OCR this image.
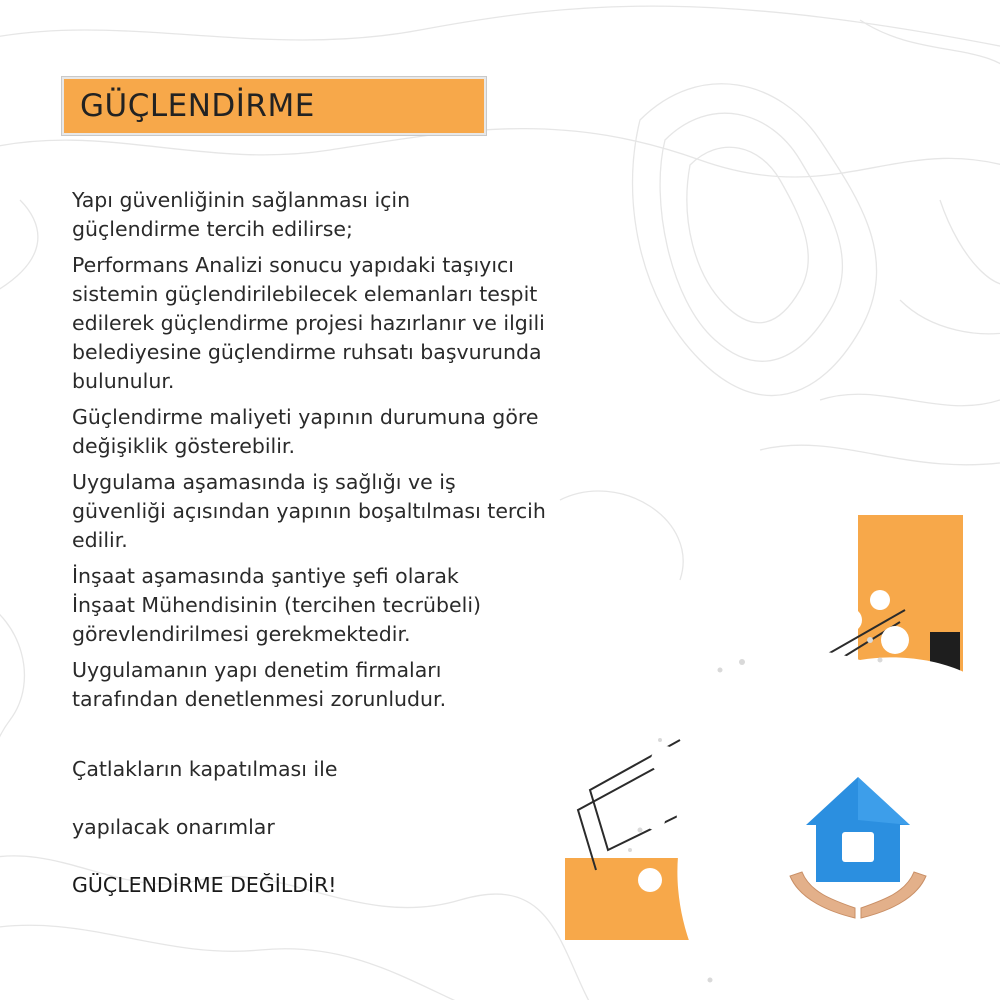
GÜÇLENDİRME

Yapı güvenliğinin sağlanması için
güçlendirme tercih edilirse;

Performans Analizi sonucu yapıdaki taşıyıcı
sistemin güçlendirilebilecek elemanları tespit
edilerek güçlendirme projesi hazırlanır ve ilgili
belediyesine güçlendirme ruhsatı başvurunda
bulunulur.

Güçlendirme maliyeti yapının durumuna göre
değişiklik gösterebilir.

Uygulama aşamasında iş sağlığı ve iş
güvenliği açısından yapının boşaltılması tercih
edilir.

İnşaat aşamasında şantiye şefi olarak
İnşaat Mühendisinin (tercihen tecrübeli)
görevlendirilmesi gerekmektedir.

Uygulamanın yapı denetim firmaları
tarafından denetlenmesi zorunludur.

Çatlakların kapatılması ile

yapılacak onarımlar

GÜÇLENDİRME DEĞİLDİR!
